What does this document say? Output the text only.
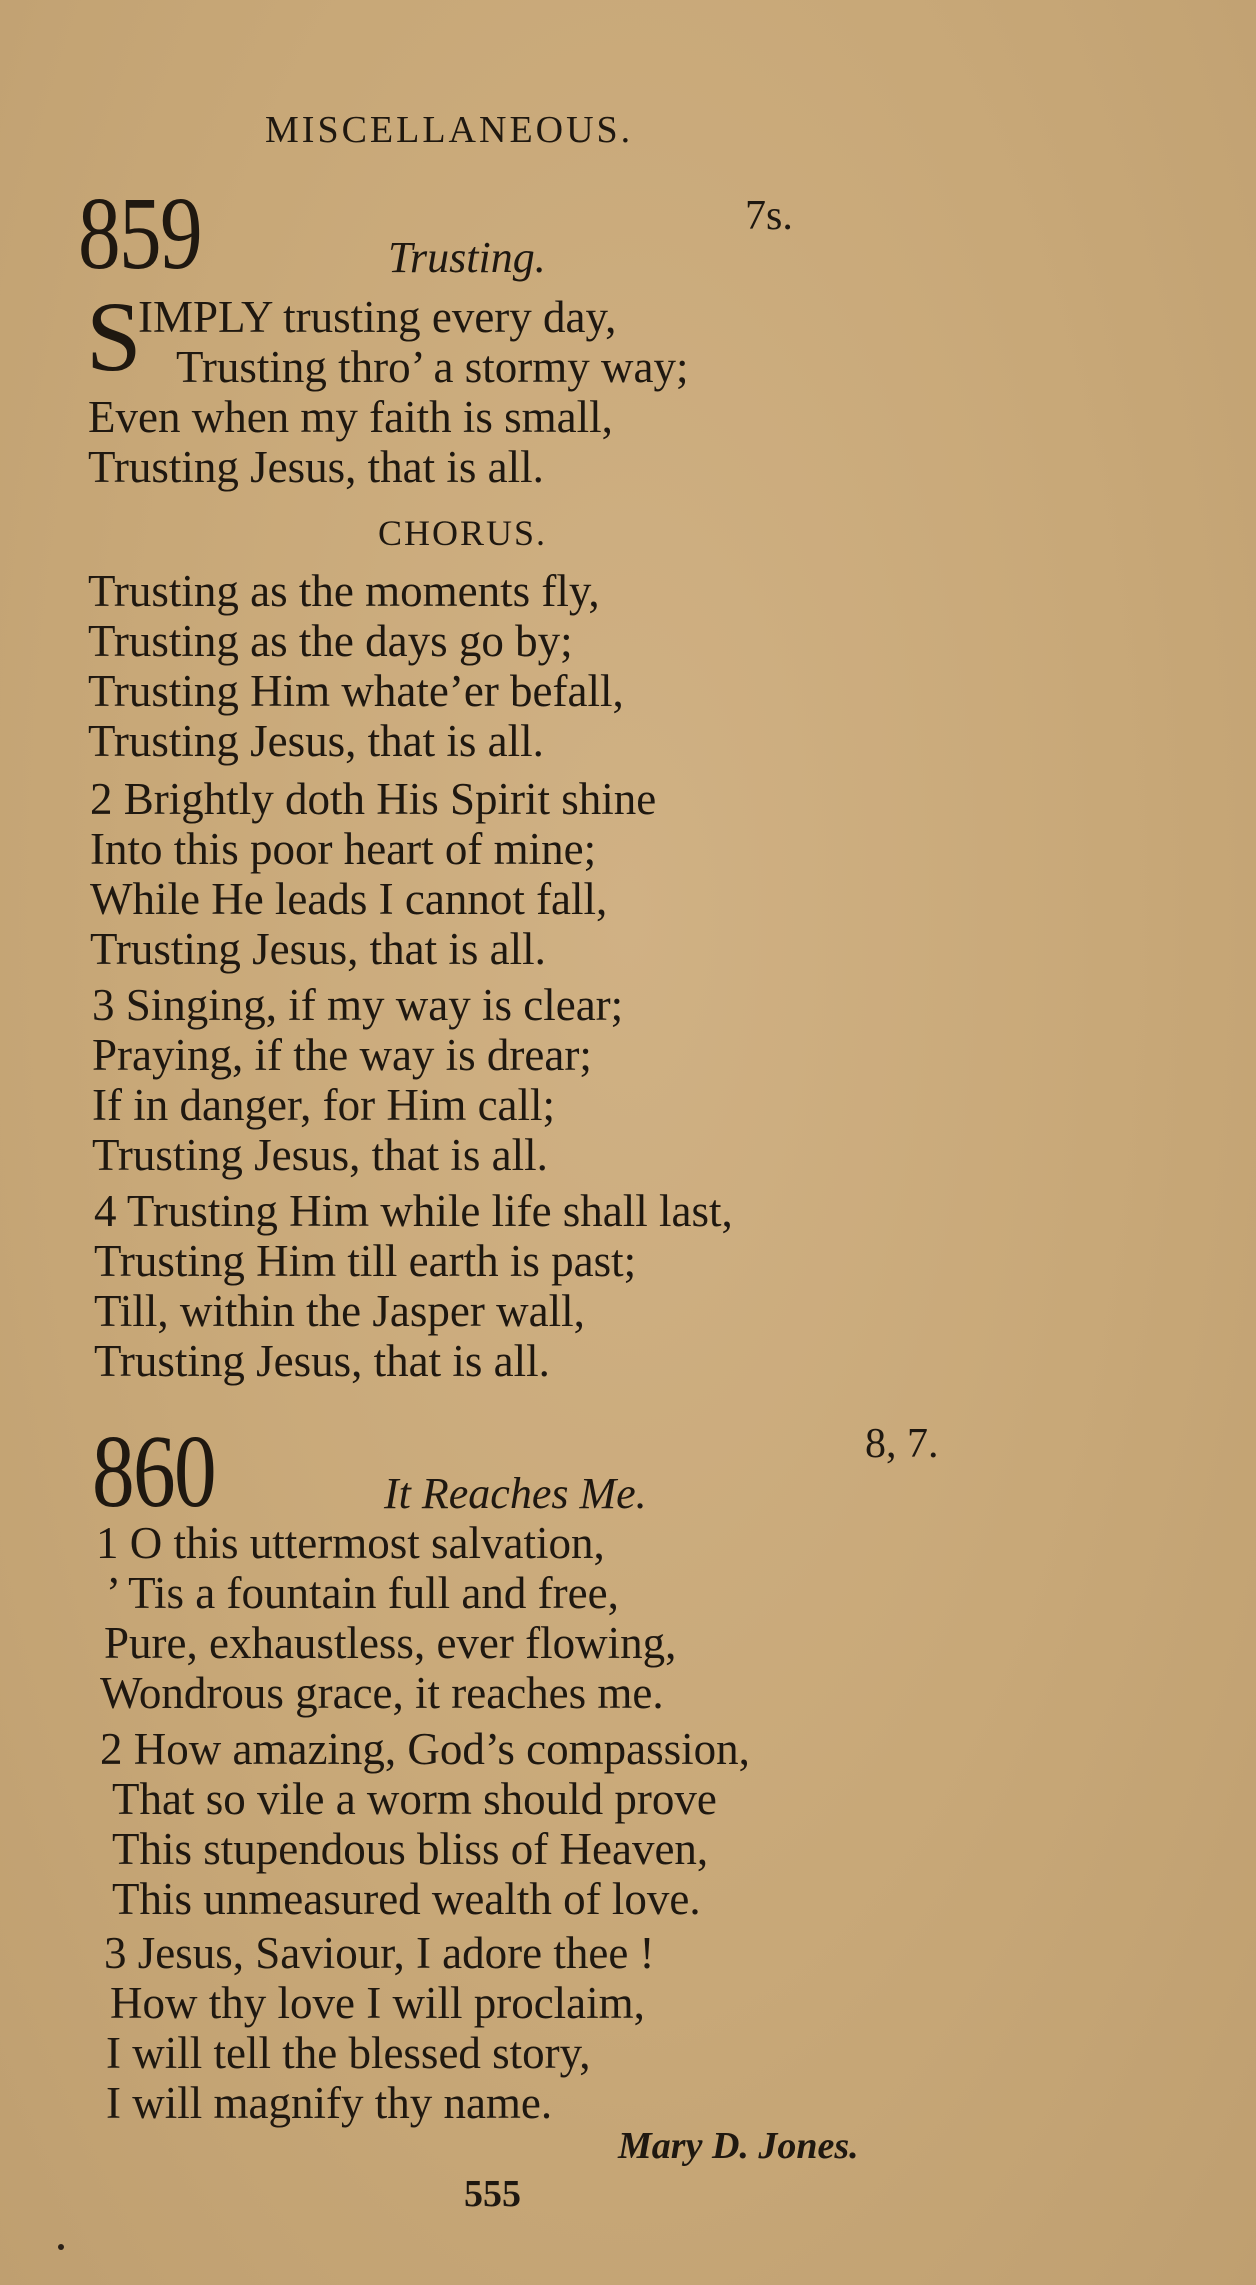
MISCELLANEOUS.
859	7s.
Trusting.
S
IMPLY trusting every day,
Trusting thro’ a stormy way;
Even when my faith is small,
Trusting Jesus, that is all.
CHORUS.
Trusting as the moments fly,
Trusting as the days go by;
Trusting Him whate’er befall,
Trusting Jesus, that is all.
2 Brightly doth His Spirit shine
Into this poor heart of mine;
While He leads I cannot fall,
Trusting Jesus, that is all.
3 Singing, if my way is clear;
Praying, if the way is drear;
If in danger, for Him call;
Trusting Jesus, that is all.
4 Trusting Him while life shall last,
Trusting Him till earth is past;
Till, within the Jasper wall,
Trusting Jesus, that is all.
860	8, 7.
It Reaches Me.
1 O this uttermost salvation,
’ Tis a fountain full and free,
Pure, exhaustless, ever flowing,
Wondrous grace, it reaches me.
2 How amazing, God’s compassion,
That so vile a worm should prove
This stupendous bliss of Heaven,
This unmeasured wealth of love.
3 Jesus, Saviour, I adore thee !
How thy love I will proclaim,
I will tell the blessed story,
I will magnify thy name.
Mary D. Jones.
555
